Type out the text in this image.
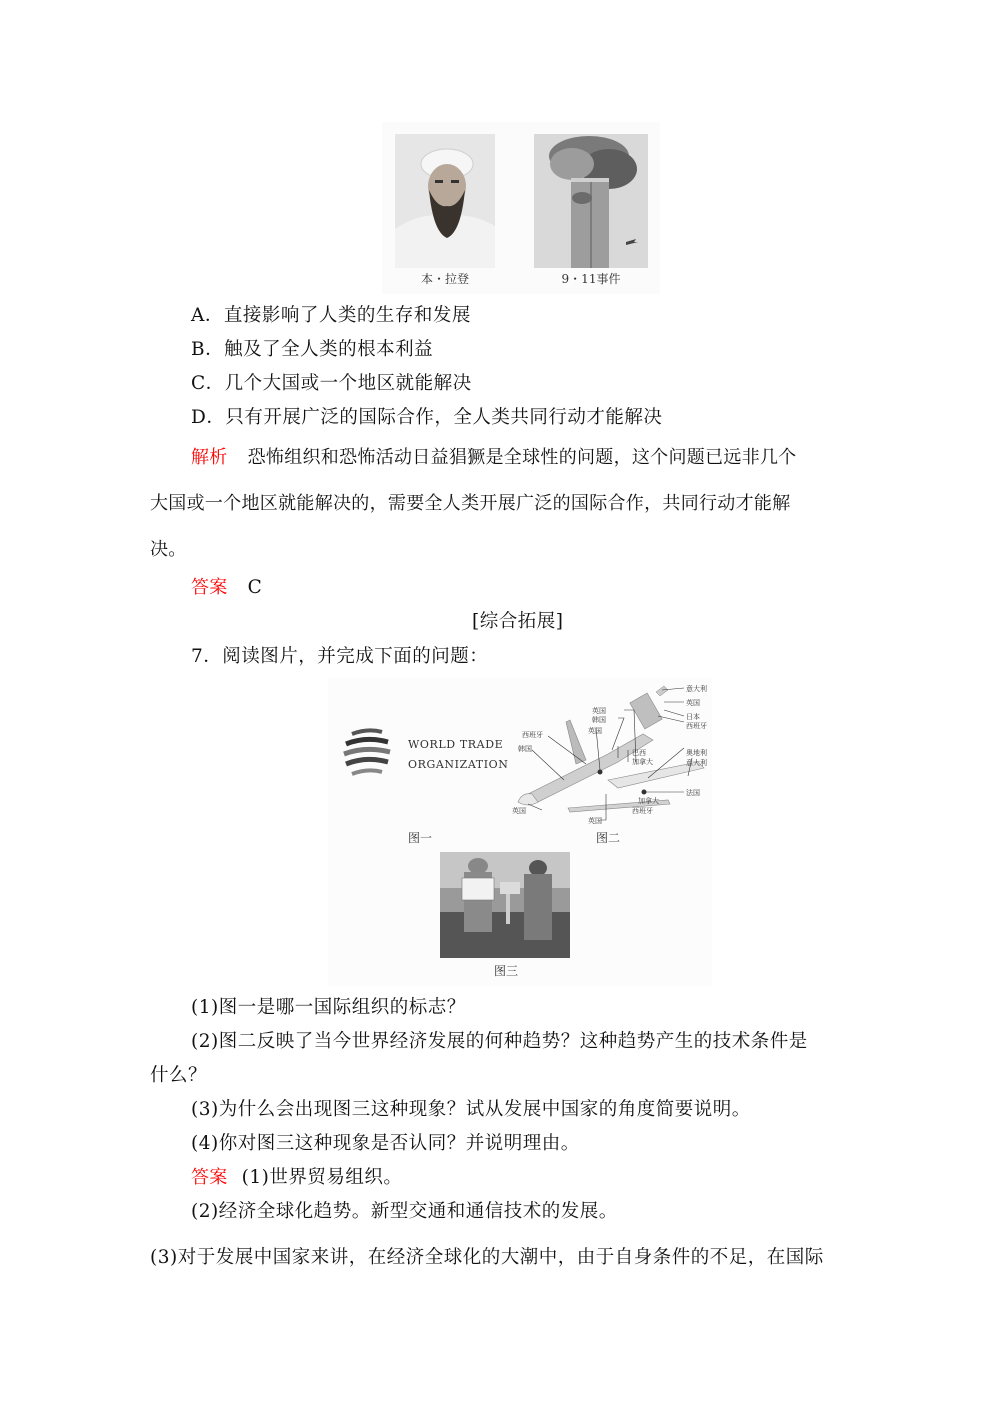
本・拉登	9・11事件
A．直接影响了人类的生存和发展
B．触及了全人类的根本利益
C．几个大国或一个地区就能解决
D．只有开展广泛的国际合作，全人类共同行动才能解决
解析 恐怖组织和恐怖活动日益猖獗是全球性的问题，这个问题已远非几个
大国或一个地区就能解决的，需要全人类开展广泛的国际合作，共同行动才能解
决。
答案 C
[综合拓展]
7．阅读图片，并完成下面的问题：
WORLD TRADE
ORGANIZATION
图一
意大利
英国
日本
西班牙
英国
韩国
英国
西班牙
韩国	巴西
加拿大
奥地利
意大利
法国
加拿大
西班牙
英国
英国
图二
图三
(1)图一是哪一国际组织的标志？
(2)图二反映了当今世界经济发展的何种趋势？这种趋势产生的技术条件是
什么？
(3)为什么会出现图三这种现象？试从发展中国家的角度简要说明。
(4)你对图三这种现象是否认同？并说明理由。
答案 (1)世界贸易组织。
(2)经济全球化趋势。新型交通和通信技术的发展。
(3)对于发展中国家来讲，在经济全球化的大潮中，由于自身条件的不足，在国际
